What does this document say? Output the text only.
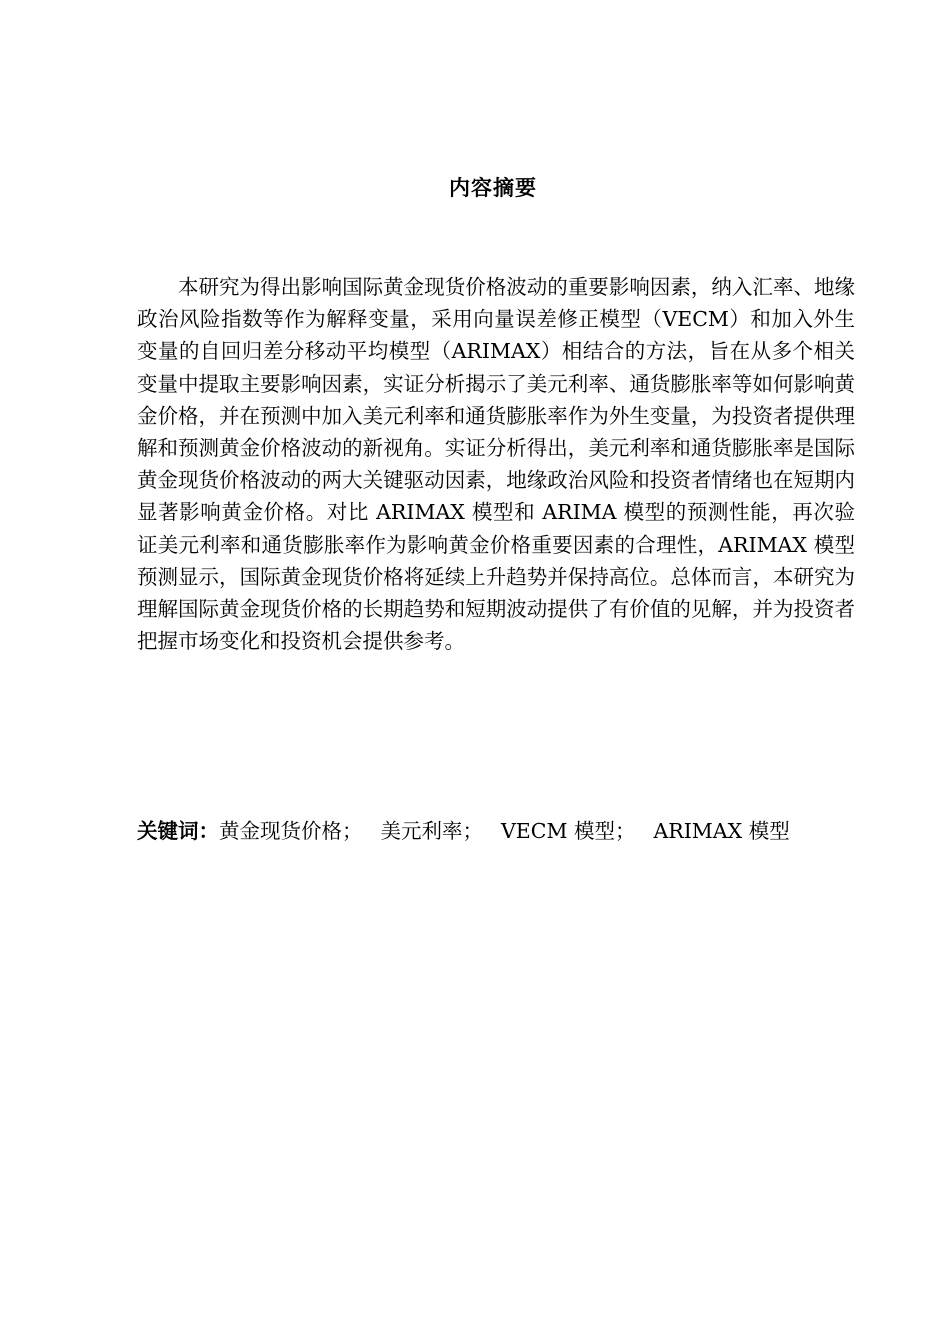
内容摘要

本研究为得出影响国际黄金现货价格波动的重要影响因素，纳入汇率、地缘政治风险指数等作为解释变量，采用向量误差修正模型（VECM）和加入外生变量的自回归差分移动平均模型（ARIMAX）相结合的方法，旨在从多个相关变量中提取主要影响因素，实证分析揭示了美元利率、通货膨胀率等如何影响黄金价格，并在预测中加入美元利率和通货膨胀率作为外生变量，为投资者提供理解和预测黄金价格波动的新视角。实证分析得出，美元利率和通货膨胀率是国际黄金现货价格波动的两大关键驱动因素，地缘政治风险和投资者情绪也在短期内显著影响黄金价格。对比 ARIMAX 模型和 ARIMA 模型的预测性能，再次验证美元利率和通货膨胀率作为影响黄金价格重要因素的合理性，ARIMAX 模型预测显示，国际黄金现货价格将延续上升趋势并保持高位。总体而言，本研究为理解国际黄金现货价格的长期趋势和短期波动提供了有价值的见解，并为投资者把握市场变化和投资机会提供参考。

关键词：黄金现货价格； 美元利率； VECM 模型； ARIMAX 模型
